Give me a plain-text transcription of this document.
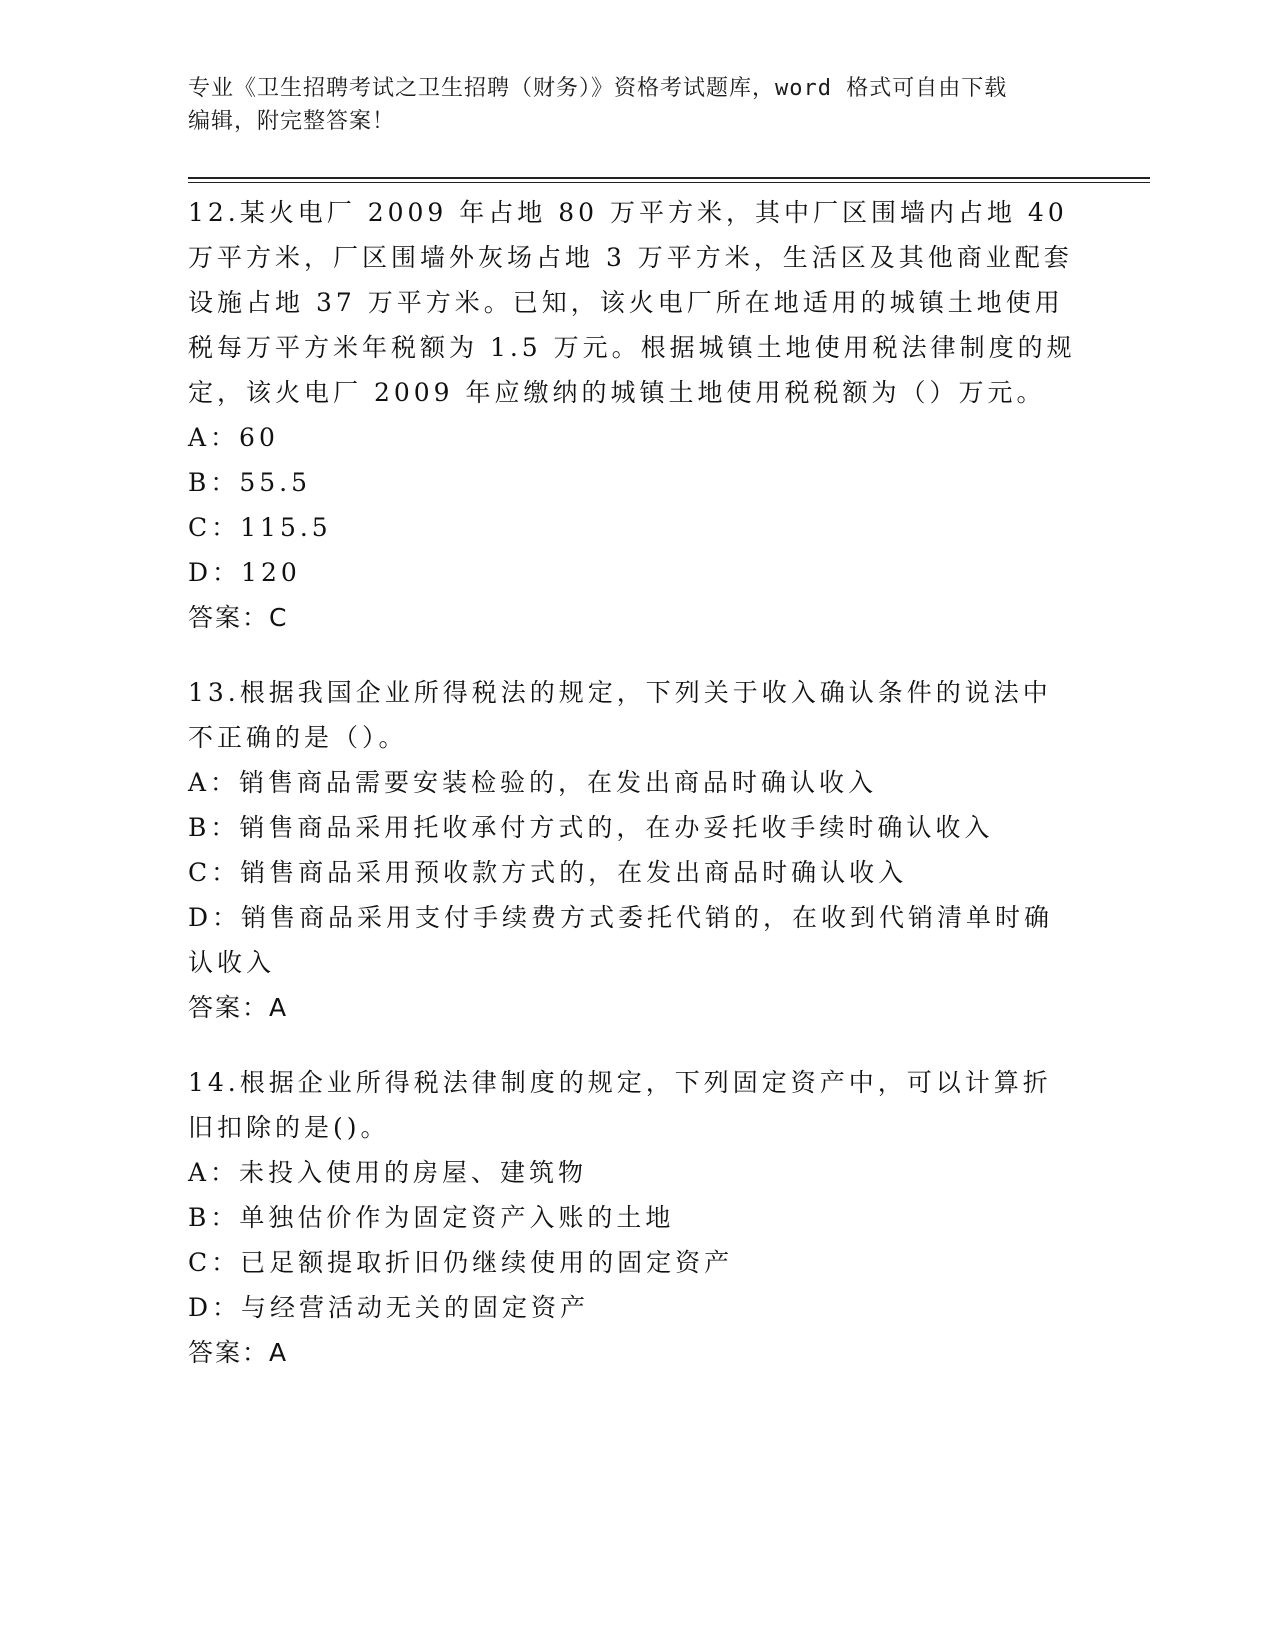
专业《卫生招聘考试之卫生招聘（财务）》资格考试题库，word 格式可自由下载
编辑，附完整答案！

12.某火电厂 2009 年占地 80 万平方米，其中厂区围墙内占地 40 万平方米，厂区围墙外灰场占地 3 万平方米，生活区及其他商业配套设施占地 37 万平方米。已知，该火电厂所在地适用的城镇土地使用税每万平方米年税额为 1.5 万元。根据城镇土地使用税法律制度的规定，该火电厂 2009 年应缴纳的城镇土地使用税税额为（）万元。

A：60

B：55.5

C：115.5

D：120

答案：C

13.根据我国企业所得税法的规定，下列关于收入确认条件的说法中不正确的是（）。

A：销售商品需要安装检验的，在发出商品时确认收入

B：销售商品采用托收承付方式的，在办妥托收手续时确认收入

C：销售商品采用预收款方式的，在发出商品时确认收入

D：销售商品采用支付手续费方式委托代销的，在收到代销清单时确认收入

答案：A

14.根据企业所得税法律制度的规定，下列固定资产中，可以计算折旧扣除的是()。

A：未投入使用的房屋、建筑物

B：单独估价作为固定资产入账的土地

C：已足额提取折旧仍继续使用的固定资产

D：与经营活动无关的固定资产

答案：A
